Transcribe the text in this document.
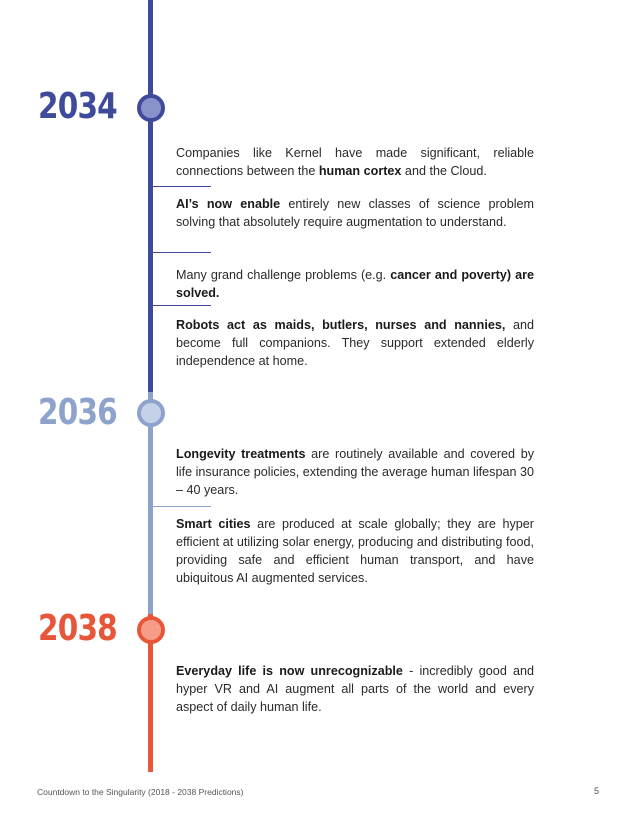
2034
2036
2038

Companies like Kernel have made significant, reliable connections between the human cortex and the Cloud.

AI’s now enable entirely new classes of science problem solving that absolutely require augmentation to understand.

Many grand challenge problems (e.g. cancer and poverty) are solved.

Robots act as maids, butlers, nurses and nannies, and become full companions. They support extended elderly independence at home.

Longevity treatments are routinely available and covered by life insurance policies, extending the average human lifespan 30 – 40 years.

Smart cities are produced at scale globally; they are hyper efficient at utilizing solar energy, producing and distributing food, providing safe and efficient human transport, and have ubiquitous AI augmented services.

Everyday life is now unrecognizable - incredibly good and hyper VR and AI augment all parts of the world and every aspect of daily human life.

Countdown to the Singularity (2018 - 2038 Predictions)	5
